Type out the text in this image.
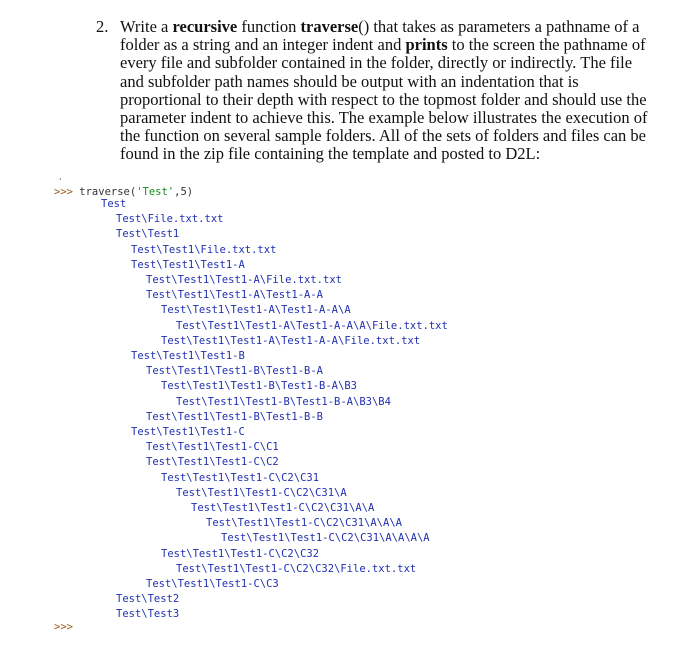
2. Write a recursive function traverse() that takes as parameters a pathname of a folder as a string and an integer indent and prints to the screen the pathname of every file and subfolder contained in the folder, directly or indirectly. The file and subfolder path names should be output with an indentation that is proportional to their depth with respect to the topmost folder and should use the parameter indent to achieve this. The example below illustrates the execution of the function on several sample folders. All of the sets of folders and files can be found in the zip file containing the template and posted to D2L:
ʼ
>>> traverse('Test',5)
Test
Test\File.txt.txt
Test\Test1
Test\Test1\File.txt.txt
Test\Test1\Test1-A
Test\Test1\Test1-A\File.txt.txt
Test\Test1\Test1-A\Test1-A-A
Test\Test1\Test1-A\Test1-A-A\A
Test\Test1\Test1-A\Test1-A-A\A\File.txt.txt
Test\Test1\Test1-A\Test1-A-A\File.txt.txt
Test\Test1\Test1-B
Test\Test1\Test1-B\Test1-B-A
Test\Test1\Test1-B\Test1-B-A\B3
Test\Test1\Test1-B\Test1-B-A\B3\B4
Test\Test1\Test1-B\Test1-B-B
Test\Test1\Test1-C
Test\Test1\Test1-C\C1
Test\Test1\Test1-C\C2
Test\Test1\Test1-C\C2\C31
Test\Test1\Test1-C\C2\C31\A
Test\Test1\Test1-C\C2\C31\A\A
Test\Test1\Test1-C\C2\C31\A\A\A
Test\Test1\Test1-C\C2\C31\A\A\A\A
Test\Test1\Test1-C\C2\C32
Test\Test1\Test1-C\C2\C32\File.txt.txt
Test\Test1\Test1-C\C3
Test\Test2
Test\Test3
>>>
